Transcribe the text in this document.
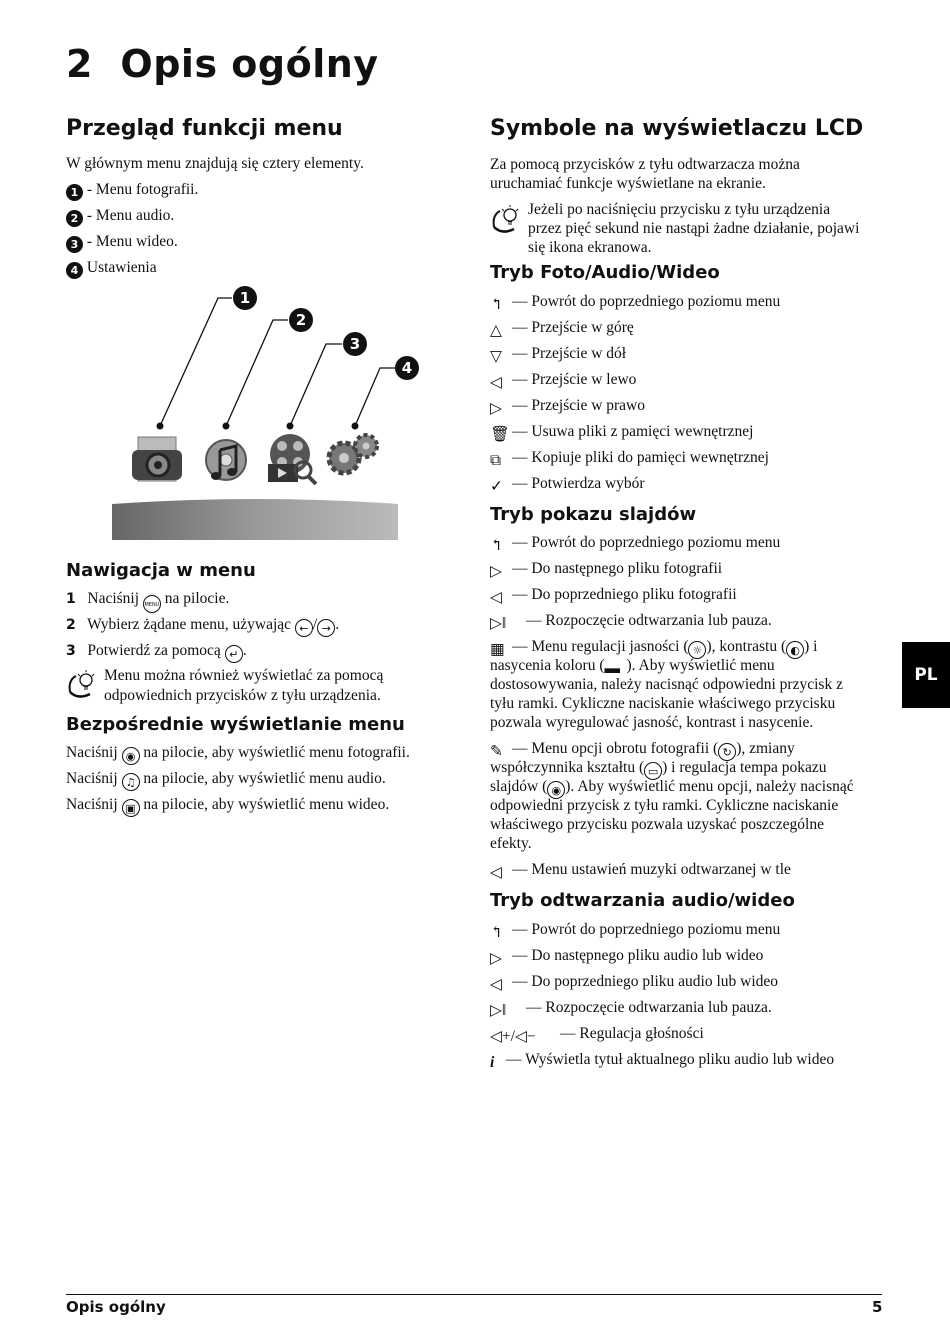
2 Opis ogólny
Przegląd funkcji menu
W głównym menu znajdują się cztery elementy.
1 - Menu fotografii.
2 - Menu audio.
3 - Menu wideo.
4 Ustawienia
1
2
3
4
Nawigacja w menu
1 Naciśnij MENU na pilocie.
2 Wybierz żądane menu, używając ← / → .
3 Potwierdź za pomocą ↵ .
Menu można również wyświetlać za pomocą
odpowiednich przycisków z tyłu urządzenia.
Bezpośrednie wyświetlanie menu
Naciśnij ◉ na pilocie, aby wyświetlić menu fotografii.
Naciśnij ♫ na pilocie, aby wyświetlić menu audio.
Naciśnij ▣ na pilocie, aby wyświetlić menu wideo.
Symbole na wyświetlaczu LCD
Za pomocą przycisków z tyłu odtwarzacza można
uruchamiać funkcje wyświetlane na ekranie.
Jeżeli po naciśnięciu przycisku z tyłu urządzenia
przez pięć sekund nie nastąpi żadne działanie, pojawi
się ikona ekranowa.
Tryb Foto/Audio/Wideo
↰ — Powrót do poprzedniego poziomu menu
△ — Przejście w górę
▽ — Przejście w dół
◁ — Przejście w lewo
▷ — Przejście w prawo
🗑 — Usuwa pliki z pamięci wewnętrznej
⧉ — Kopiuje pliki do pamięci wewnętrznej
✓ — Potwierdza wybór
Tryb pokazu slajdów
↰ — Powrót do poprzedniego poziomu menu
▷ — Do następnego pliku fotografii
◁ — Do poprzedniego pliku fotografii
▷‖ — Rozpoczęcie odtwarzania lub pauza.
▦ — Menu regulacji jasności ( ☼ ), kontrastu ( ◐ ) i
nasycenia koloru (▬ ). Aby wyświetlić menu
dostosowywania, należy nacisnąć odpowiedni przycisk z
tyłu ramki. Cykliczne naciskanie właściwego przycisku
pozwala wyregulować jasność, kontrast i nasycenie.
✎ — Menu opcji obrotu fotografii ( ↻ ), zmiany
współczynnika kształtu ( ▭ ) i regulacja tempa pokazu
slajdów ( ◉ ). Aby wyświetlić menu opcji, należy nacisnąć
odpowiedni przycisk z tyłu ramki. Cykliczne naciskanie
właściwego przycisku pozwala uzyskać poszczególne
efekty.
◁ — Menu ustawień muzyki odtwarzanej w tle
Tryb odtwarzania audio/wideo
↰ — Powrót do poprzedniego poziomu menu
▷ — Do następnego pliku audio lub wideo
◁ — Do poprzedniego pliku audio lub wideo
▷‖ — Rozpoczęcie odtwarzania lub pauza.
◁+/◁− — Regulacja głośności
i — Wyświetla tytuł aktualnego pliku audio lub wideo
PL
Opis ogólny	5
